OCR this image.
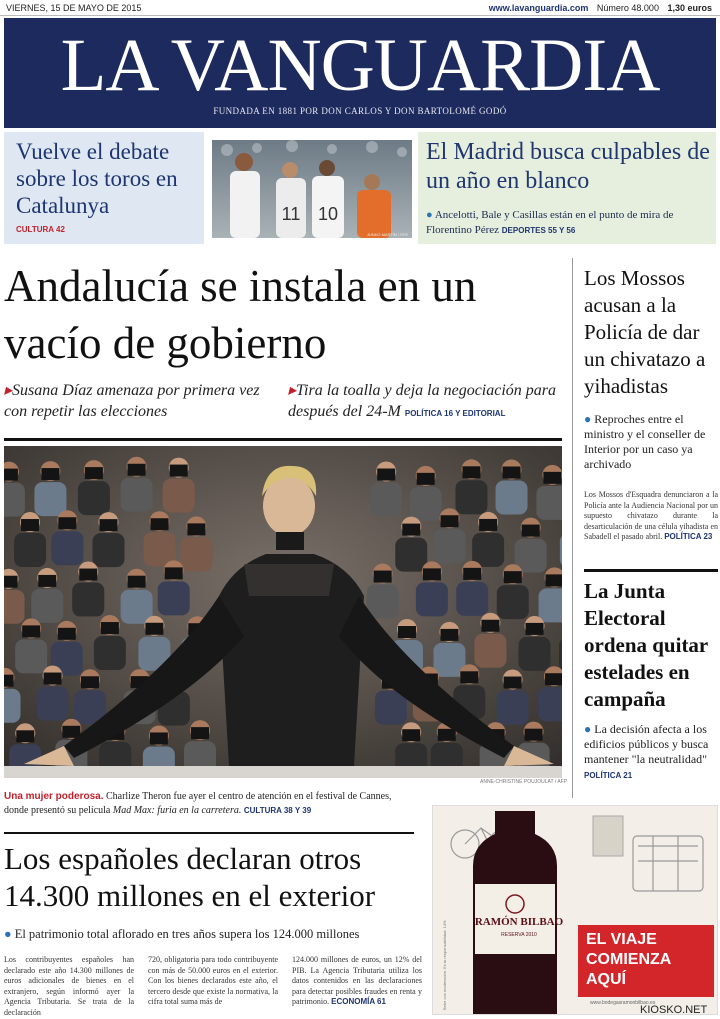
VIERNES, 15 DE MAYO DE 2015	www.lavanguardia.com Número 48.000 1,30 euros
LA VANGUARDIA
FUNDADA EN 1881 POR DON CARLOS Y DON BARTOLOMÉ GODÓ
Vuelve el debate sobre los toros en Catalunya
CULTURA 42
11 10
JUNKO MARTÍN / EFE
El Madrid busca culpables de un año en blanco
● Ancelotti, Bale y Casillas están en el punto de mira de Florentino Pérez DEPORTES 55 Y 56
Andalucía se instala en un vacío de gobierno
▸Susana Díaz amenaza por primera vez con repetir las elecciones
▸Tira la toalla y deja la negociación para después del 24-M POLÍTICA 16 Y EDITORIAL
ANNE-CHRISTINE POUJOULAT / AFP
Una mujer poderosa. Charlize Theron fue ayer el centro de atención en el festival de Cannes, donde presentó su película Mad Max: furia en la carretera. CULTURA 38 Y 39
Los Mossos acusan a la Policía de dar un chivatazo a yihadistas
● Reproches entre el ministro y el conseller de Interior por un caso ya archivado
Los Mossos d'Esquadra denunciaron a la Policía ante la Audiencia Nacional por un supuesto chivatazo durante la desarticulación de una célula yihadista en Sabadell el pasado abril. POLÍTICA 23
La Junta Electoral ordena quitar estelades en campaña
● La decisión afecta a los edificios públicos y busca mantener "la neutralidad" POLÍTICA 21
Los españoles declaran otros 14.300 millones en el exterior
● El patrimonio total aflorado en tres años supera los 124.000 millones
Los contribuyentes españoles han declarado este año 14.300 millones de euros adicionales de bienes en el extranjero, según informó ayer la Agencia Tributaria. Se trata de la declaración
720, obligatoria para todo contribuyente con más de 50.000 euros en el exterior. Con los bienes declarados este año, el tercero desde que existe la normativa, la cifra total suma más de
124.000 millones de euros, un 12% del PIB. La Agencia Tributaria utiliza los datos contenidos en las declaraciones para detectar posibles fraudes en renta y patrimonio. ECONOMÍA 61
RAMÓN BILBAO
RESERVA 2010
Bebe con moderación. Es tu responsabilidad. 14%	EL VIAJE COMIENZA AQUÍ
www.bodegasramonbilbao.es
KIOSKO.NET
